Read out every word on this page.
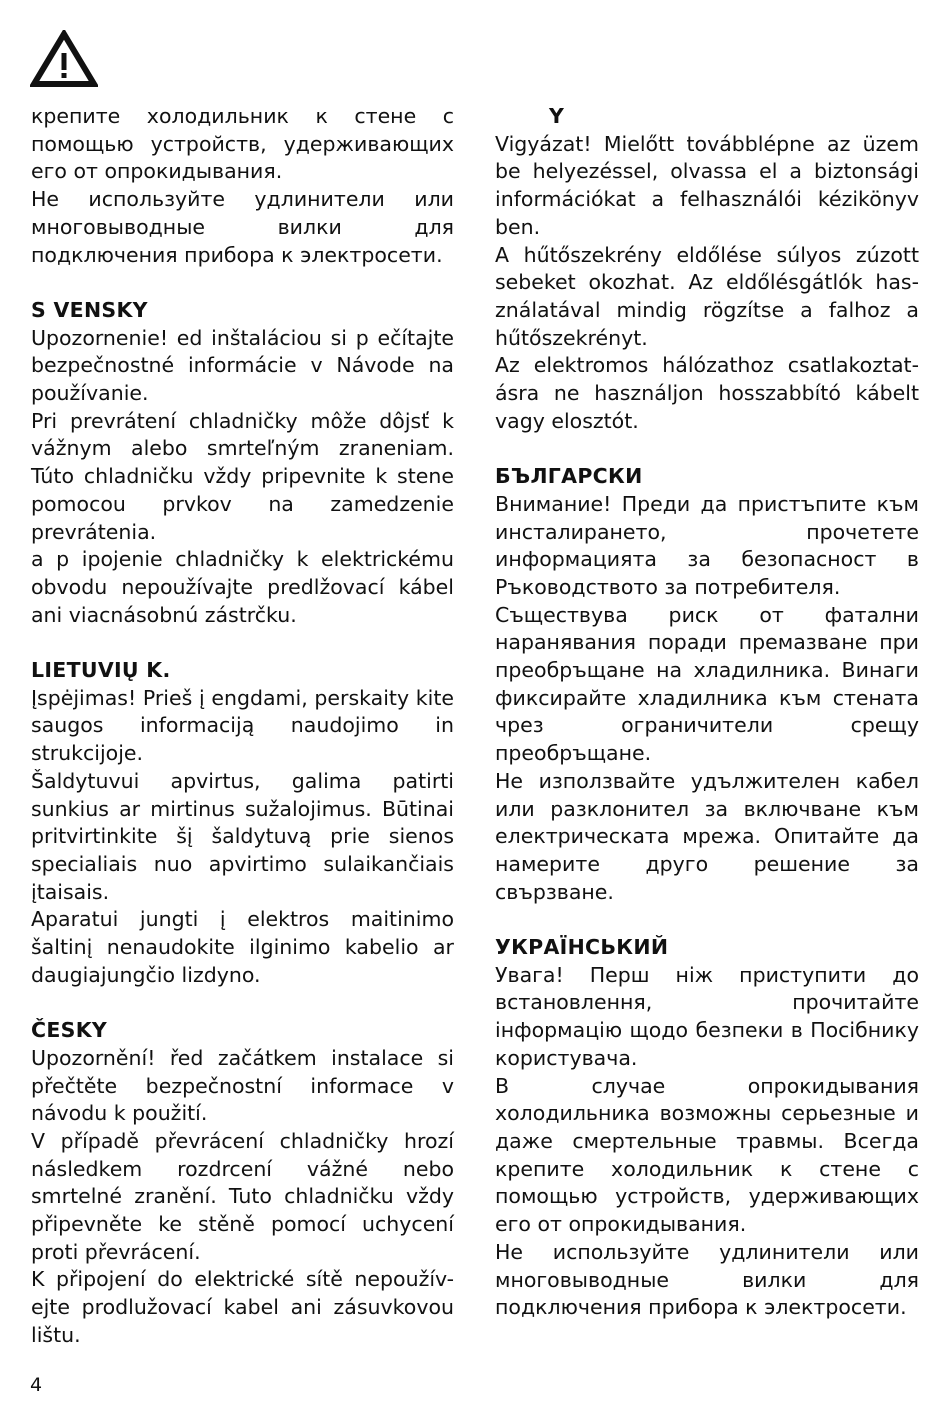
крепите холодильник к стене с помощью устройств, удерживающих его от опрокидывания.

Не используйте удлинители или многовыводные вилки для подключения прибора к электросети.

S VENSKY

Upozornenie! ed inštaláciou si p ečítajte bezpečnostné informácie v Návode na používanie.

Pri prevrátení chladničky môže dôjsť k vážnym alebo smrteľným zraneniam. Túto chladničku vždy pripevnite k stene pomocou prvkov na zamedzenie prevrátenia.

a p ipojenie chladničky k elektrickému obvodu nepoužívajte predlžovací kábel ani viacnásobnú zástrčku.

LIETUVIŲ K.

Įspėjimas! Prieš į engdami, perskaity kite saugos informaciją naudojimo in strukcijoje.

Šaldytuvui apvirtus, galima patirti sunkius ar mirtinus sužalojimus. Būtinai pritvirtinkite šį šaldytuvą prie sienos specialiais nuo apvirtimo sulaikančiais įtaisais.

Aparatui jungti į elektros maitinimo šaltinį nenaudokite ilginimo kabelio ar daugiajungčio lizdyno.

ČESKY

Upozornění! řed začátkem instalace si přečtěte bezpečnostní informace v návodu k použití.

V případě převrácení chladničky hrozí následkem rozdrcení vážné nebo smrtelné zranění. Tuto chladničku vždy připevněte ke stěně pomocí uchycení proti převrácení.

K připojení do elektrické sítě nepoužív-ejte prodlužovací kabel ani zásuvkovou lištu.

Y

Vigyázat! Mielőtt továbblépne az üzem be helyezéssel, olvassa el a biztonsági információkat a felhasználói kézikönyv ben.

A hűtőszekrény eldőlése súlyos zúzott sebeket okozhat. Az eldőlésgátlók has-ználatával mindig rögzítse a falhoz a hűtőszekrényt.

Az elektromos hálózathoz csatlakoztat-ásra ne használjon hosszabbító kábelt vagy elosztót.

БЪЛГАРСКИ

Внимание! Преди да пристъпите към инсталирането, прочетете информацията за безопасност в Ръководството за потребителя.

Съществува риск от фатални наранявания поради премазване при преобръщане на хладилника. Винаги фиксирайте хладилника към стената чрез ограничители срещу преобръщане.

Не използвайте удължителен кабел или разклонител за включване към електрическата мрежа. Опитайте да намерите друго решение за свързване.

УКРАЇНСЬКИЙ

Увага! Перш ніж приступити до встановлення, прочитайте інформацію щодо безпеки в Посібнику користувача.

В случае опрокидывания холодильника возможны серьезные и даже смертельные травмы. Всегда крепите холодильник к стене с помощью устройств, удерживающих его от опрокидывания.

Не используйте удлинители или многовыводные вилки для подключения прибора к электросети.

4
